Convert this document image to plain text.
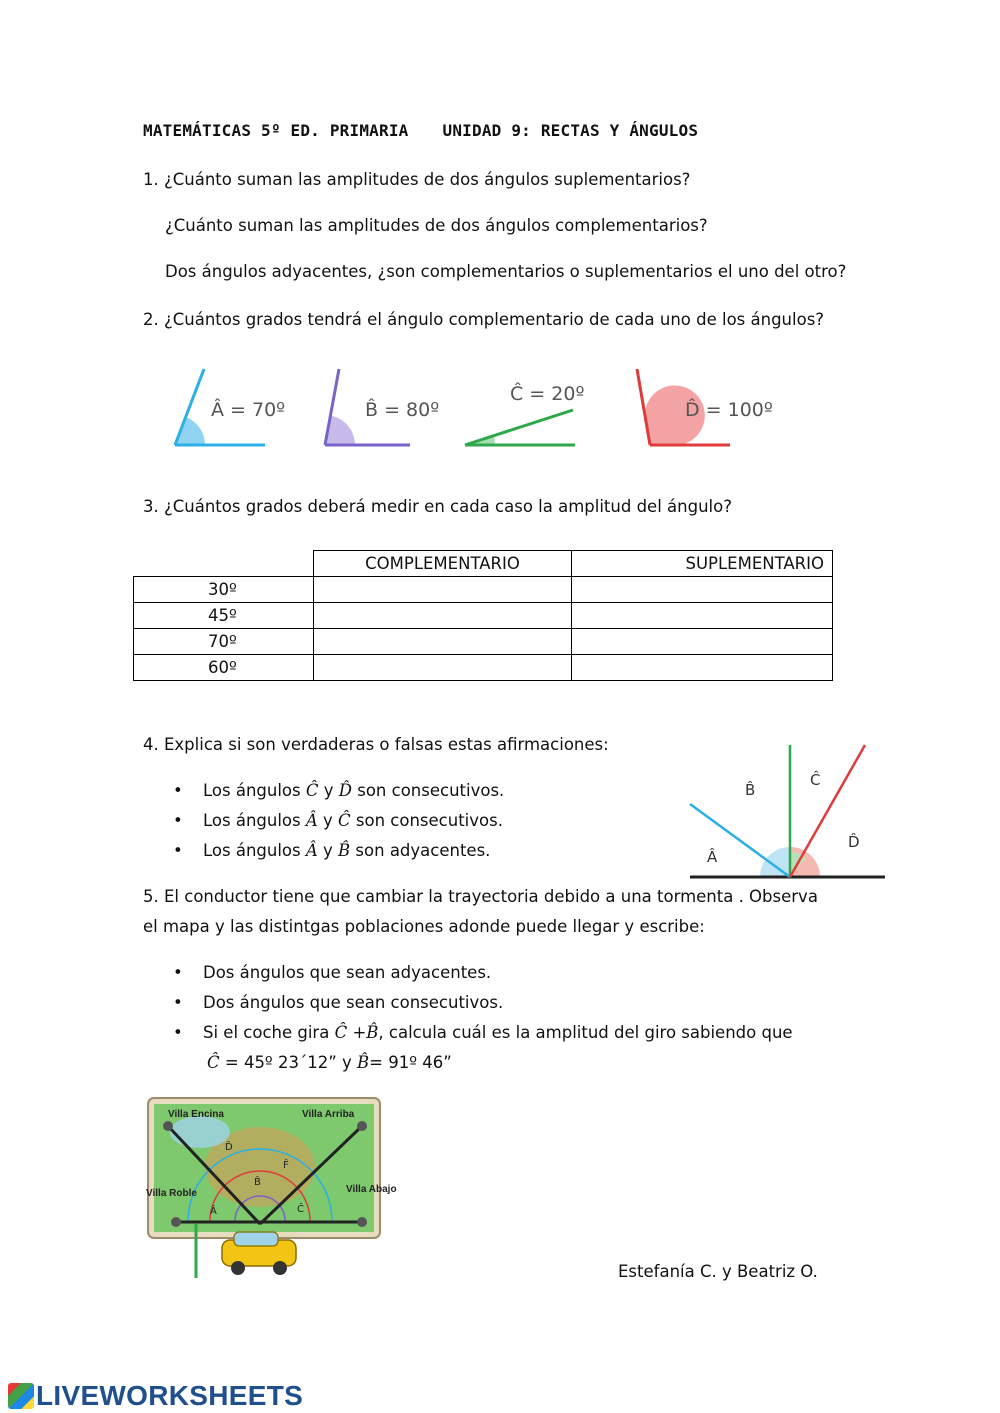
MATEMÁTICAS 5º ED. PRIMARIA UNIDAD 9: RECTAS Y ÁNGULOS
1. ¿Cuánto suman las amplitudes de dos ángulos suplementarios?
¿Cuánto suman las amplitudes de dos ángulos complementarios?
Dos ángulos adyacentes, ¿son complementarios o suplementarios el uno del otro?
2. ¿Cuántos grados tendrá el ángulo complementario de cada uno de los ángulos?
Â = 70º	B̂ = 80º
Ĉ = 20º
D̂ = 100º
3. ¿Cuántos grados deberá medir en cada caso la amplitud del ángulo?
	COMPLEMENTARIO	SUPLEMENTARIO
30º		
45º		
70º		
60º		
4. Explica si son verdaderas o falsas estas afirmaciones:
• Los ángulos Ĉ y D̂ son consecutivos.
• Los ángulos Â y Ĉ son consecutivos.
• Los ángulos Â y B̂ son adyacentes.
B̂
Ĉ
D̂
Â
5. El conductor tiene que cambiar la trayectoria debido a una tormenta . Observa
el mapa y las distintgas poblaciones adonde puede llegar y escribe:
• Dos ángulos que sean adyacentes.
• Dos ángulos que sean consecutivos.
• Si el coche gira Ĉ +B̂, calcula cuál es la amplitud del giro sabiendo que
Ĉ = 45º 23´12” y B̂= 91º 46”
Villa Encina	Villa Arriba
Villa Roble	Villa Abajo
D̂
F̂
B̂
Ĉ
Â
Estefanía C. y Beatriz O.
LIVEWORKSHEETS
